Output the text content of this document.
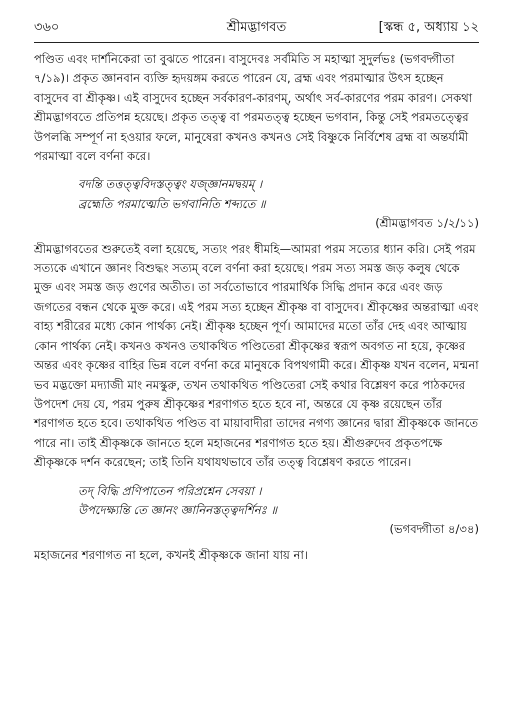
৩৬০	শ্রীমদ্ভাগবত	[স্কন্ধ ৫, অধ্যায় ১২

পণ্ডিত এবং দার্শনিকেরা তা বুঝতে পারেন। বাসুদেবঃ সর্বমিতি স মহাত্মা সুদুর্লভঃ (ভগবদ্গীতা ৭/১৯)। প্রকৃত জ্ঞানবান ব্যক্তি হৃদয়ঙ্গম করতে পারেন যে, ব্রহ্ম এবং পরমাত্মার উৎস হচ্ছেন বাসুদেব বা শ্রীকৃষ্ণ। এই বাসুদেব হচ্ছেন সর্বকারণ-কারণম্‌, অর্থাৎ সর্ব-কারণের পরম কারণ। সেকথা শ্রীমদ্ভাগবতে প্রতিপন্ন হয়েছে। প্রকৃত তত্ত্ব বা পরমতত্ত্ব হচ্ছেন ভগবান, কিন্তু সেই পরমতত্ত্বের উপলব্ধি সম্পূর্ণ না হওয়ার ফলে, মানুষেরা কখনও কখনও সেই বিষ্ণুকে নির্বিশেষ ব্রহ্ম বা অন্তর্যামী পরমাত্মা বলে বর্ণনা করে।

বদন্তি তত্তত্ত্ববিদস্তত্ত্বং যজ্জ্ঞানমদ্বয়ম্‌ ।
ব্রহ্মেতি পরমাত্মেতি ভগবানিতি শব্দ্যতে ॥
(শ্রীমদ্ভাগবত ১/২/১১)

শ্রীমদ্ভাগবতের শুরুতেই বলা হয়েছে, সত্যং পরং ধীমহি—আমরা পরম সত্যের ধ্যান করি। সেই পরম সত্যকে এখানে জ্ঞানং বিশুদ্ধং সত্যম্‌ বলে বর্ণনা করা হয়েছে। পরম সত্য সমস্ত জড় কলুষ থেকে মুক্ত এবং সমস্ত জড় গুণের অতীত। তা সর্বতোভাবে পারমার্থিক সিদ্ধি প্রদান করে এবং জড় জগতের বন্ধন থেকে মুক্ত করে। এই পরম সত্য হচ্ছেন শ্রীকৃষ্ণ বা বাসুদেব। শ্রীকৃষ্ণের অন্তরাত্মা এবং বাহ্য শরীরের মধ্যে কোন পার্থক্য নেই। শ্রীকৃষ্ণ হচ্ছেন পূর্ণ। আমাদের মতো তাঁর দেহ এবং আত্মায় কোন পার্থক্য নেই। কখনও কখনও তথাকথিত পণ্ডিতেরা শ্রীকৃষ্ণের স্বরূপ অবগত না হয়ে, কৃষ্ণের অন্তর এবং কৃষ্ণের বাহির ভিন্ন বলে বর্ণনা করে মানুষকে বিপথগামী করে। শ্রীকৃষ্ণ যখন বলেন, মন্মনা ভব মদ্ভক্তো মদ্যাজী মাং নমস্কুরু, তখন তথাকথিত পণ্ডিতেরা সেই কথার বিশ্লেষণ করে পাঠকদের উপদেশ দেয় যে, পরম পুরুষ শ্রীকৃষ্ণের শরণাগত হতে হবে না, অন্তরে যে কৃষ্ণ রয়েছেন তাঁর শরণাগত হতে হবে। তথাকথিত পণ্ডিত বা মায়াবাদীরা তাদের নগণ্য জ্ঞানের দ্বারা শ্রীকৃষ্ণকে জানতে পারে না। তাই শ্রীকৃষ্ণকে জানতে হলে মহাজনের শরণাগত হতে হয়। শ্রীগুরুদেব প্রকৃতপক্ষে শ্রীকৃষ্ণকে দর্শন করেছেন; তাই তিনি যথাযথভাবে তাঁর তত্ত্ব বিশ্লেষণ করতে পারেন।

তদ্‌ বিদ্ধি প্রণিপাতেন পরিপ্রশ্নেন সেবয়া ।
উপদেক্ষ্যন্তি তে জ্ঞানং জ্ঞানিনস্তত্ত্বদর্শিনঃ ॥
(ভগবদ্গীতা ৪/৩৪)

মহাজনের শরণাগত না হলে, কখনই শ্রীকৃষ্ণকে জানা যায় না।
